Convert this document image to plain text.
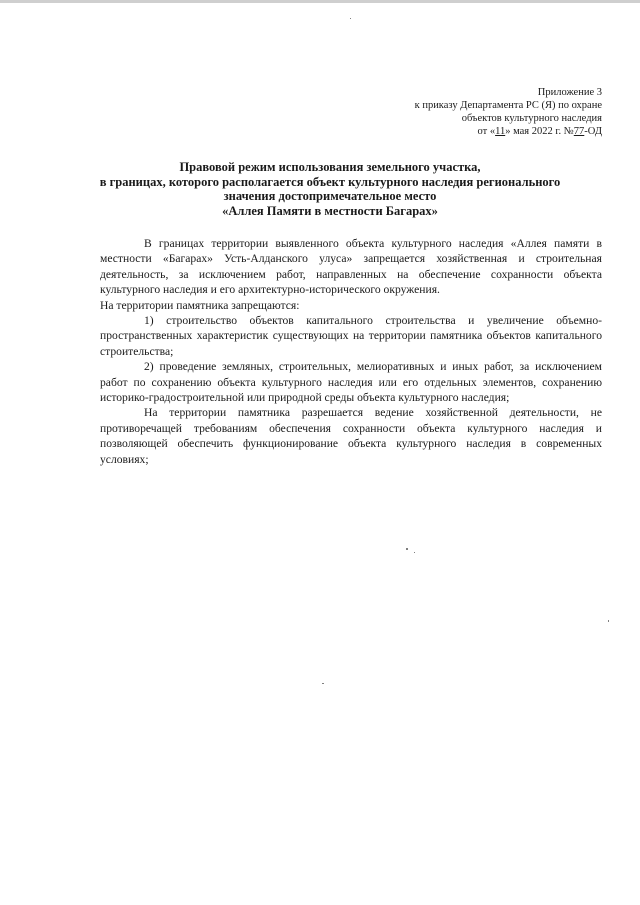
Приложение 3
к приказу Департамента РС (Я) по охране
объектов культурного наследия
от «11» мая 2022 г. №77-ОД
Правовой режим использования земельного участка,
в границах, которого располагается объект культурного наследия регионального
значения достопримечательное место
«Аллея Памяти в местности Багарах»

В границах территории выявленного объекта культурного наследия «Аллея памяти в местности «Багарах» Усть-Алданского улуса» запрещается хозяйственная и строительная деятельность, за исключением работ, направленных на обеспечение сохранности объекта культурного наследия и его архитектурно-исторического окружения.

На территории памятника запрещаются:

1) строительство объектов капитального строительства и увеличение объемно-пространственных характеристик существующих на территории памятника объектов капитального строительства;

2) проведение земляных, строительных, мелиоративных и иных работ, за исключением работ по сохранению объекта культурного наследия или его отдельных элементов, сохранению историко-градостроительной или природной среды объекта культурного наследия;

На территории памятника разрешается ведение хозяйственной деятельности, не противоречащей требованиям обеспечения сохранности объекта культурного наследия и позволяющей обеспечить функционирование объекта культурного наследия в современных условиях;
